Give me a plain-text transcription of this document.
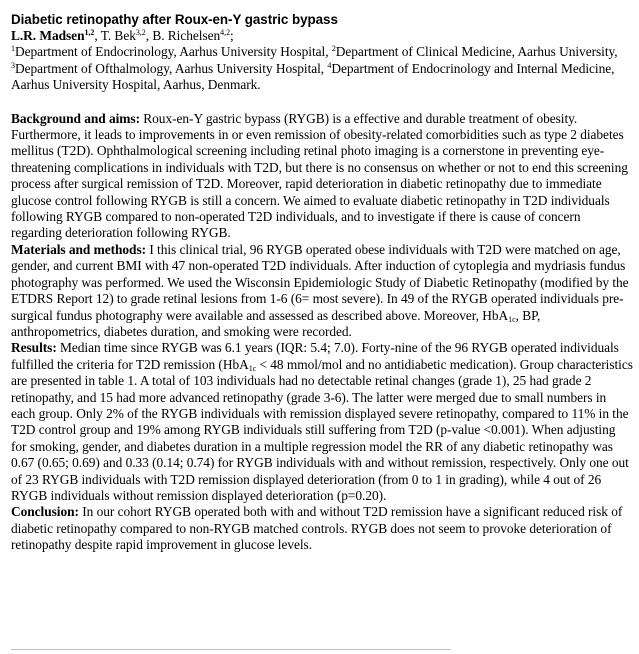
Diabetic retinopathy after Roux-en-Y gastric bypass

L.R. Madsen$^{1,2}$, T. Bek$^{3,2}$, B. Richelsen$^{4,2}$;

$^1$Department of Endocrinology, Aarhus University Hospital, $^2$Department of Clinical Medicine, Aarhus University, $^3$Department of Ofthalmology, Aarhus University Hospital, $^4$Department of Endocrinology and Internal Medicine, Aarhus University Hospital, Aarhus, Denmark.

Background and aims: Roux-en-Y gastric bypass (RYGB) is a effective and durable treatment of obesity. Furthermore, it leads to improvements in or even remission of obesity-related comorbidities such as type 2 diabetes mellitus (T2D). Ophthalmological screening including retinal photo imaging is a cornerstone in preventing eye-threatening complications in individuals with T2D, but there is no consensus on whether or not to end this screening process after surgical remission of T2D. Moreover, rapid deterioration in diabetic retinopathy due to immediate glucose control following RYGB is still a concern. We aimed to evaluate diabetic retinopathy in T2D individuals following RYGB compared to non-operated T2D individuals, and to investigate if there is cause of concern regarding deterioration following RYGB.

Materials and methods: I this clinical trial, 96 RYGB operated obese individuals with T2D were matched on age, gender, and current BMI with 47 non-operated T2D individuals. After induction of cytoplegia and mydriasis fundus photography was performed. We used the Wisconsin Epidemiologic Study of Diabetic Retinopathy (modified by the ETDRS Report 12) to grade retinal lesions from 1-6 (6= most severe). In 49 of the RYGB operated individuals pre-surgical fundus photography were available and assessed as described above. Moreover, HbA$_{1c}$, BP, anthropometrics, diabetes duration, and smoking were recorded.

Results: Median time since RYGB was 6.1 years (IQR: 5.4; 7.0). Forty-nine of the 96 RYGB operated individuals fulfilled the criteria for T2D remission (HbA$_{1c}$ < 48 mmol/mol and no antidiabetic medication). Group characteristics are presented in table 1. A total of 103 individuals had no detectable retinal changes (grade 1), 25 had grade 2 retinopathy, and 15 had more advanced retinopathy (grade 3-6). The latter were merged due to small numbers in each group. Only 2% of the RYGB individuals with remission displayed severe retinopathy, compared to 11% in the T2D control group and 19% among RYGB individuals still suffering from T2D (p-value <0.001). When adjusting for smoking, gender, and diabetes duration in a multiple regression model the RR of any diabetic retinopathy was 0.67 (0.65; 0.69) and 0.33 (0.14; 0.74) for RYGB individuals with and without remission, respectively. Only one out of 23 RYGB individuals with T2D remission displayed deterioration (from 0 to 1 in grading), while 4 out of 26 RYGB individuals without remission displayed deterioration (p=0.20).

Conclusion: In our cohort RYGB operated both with and without T2D remission have a significant reduced risk of diabetic retinopathy compared to non-RYGB matched controls. RYGB does not seem to provoke deterioration of retinopathy despite rapid improvement in glucose levels.
